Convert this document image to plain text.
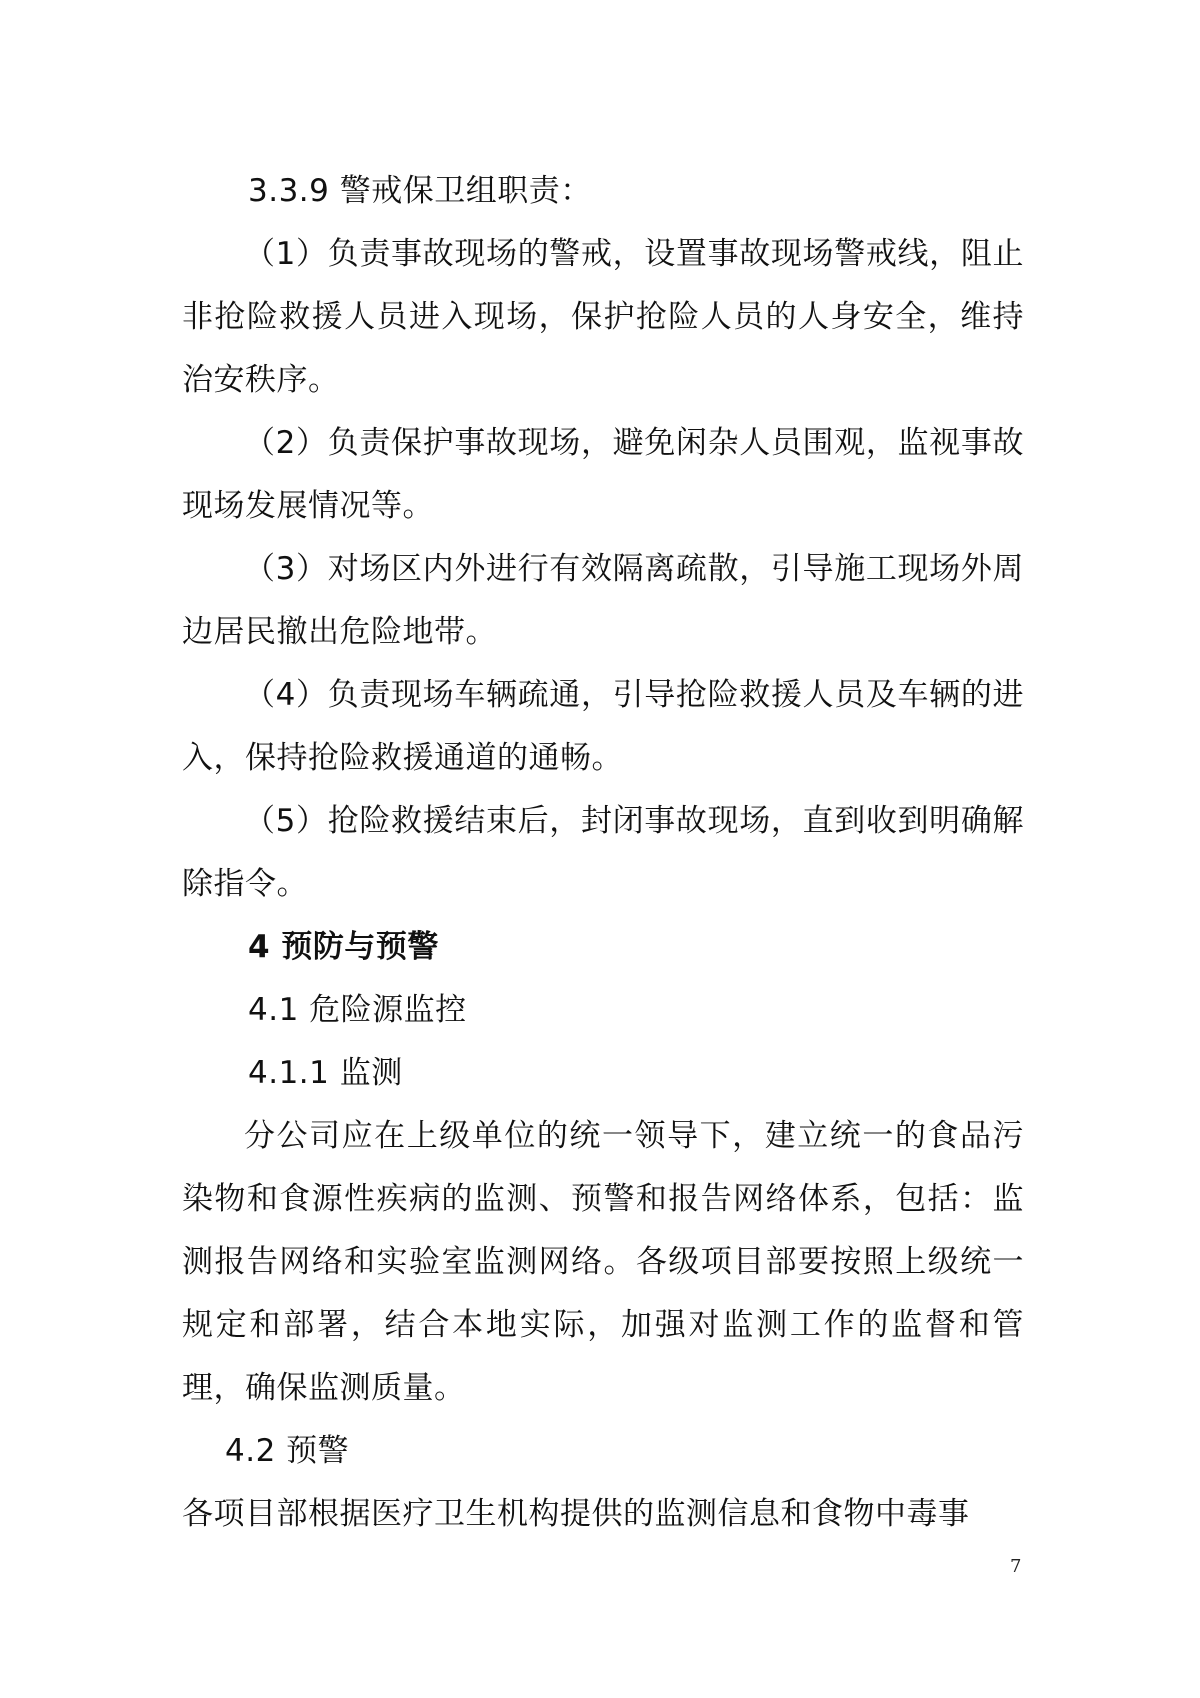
3.3.9 警戒保卫组职责：
（1）负责事故现场的警戒，设置事故现场警戒线，阻止非抢险救援人员进入现场，保护抢险人员的人身安全，维持治安秩序。
（2）负责保护事故现场，避免闲杂人员围观，监视事故现场发展情况等。
（3）对场区内外进行有效隔离疏散，引导施工现场外周边居民撤出危险地带。
（4）负责现场车辆疏通，引导抢险救援人员及车辆的进入，保持抢险救援通道的通畅。
（5）抢险救援结束后，封闭事故现场，直到收到明确解除指令。
4 预防与预警
4.1 危险源监控
4.1.1 监测
分公司应在上级单位的统一领导下，建立统一的食品污染物和食源性疾病的监测、预警和报告网络体系，包括：监测报告网络和实验室监测网络。各级项目部要按照上级统一规定和部署，结合本地实际，加强对监测工作的监督和管理，确保监测质量。
4.2 预警
各项目部根据医疗卫生机构提供的监测信息和食物中毒事
7
